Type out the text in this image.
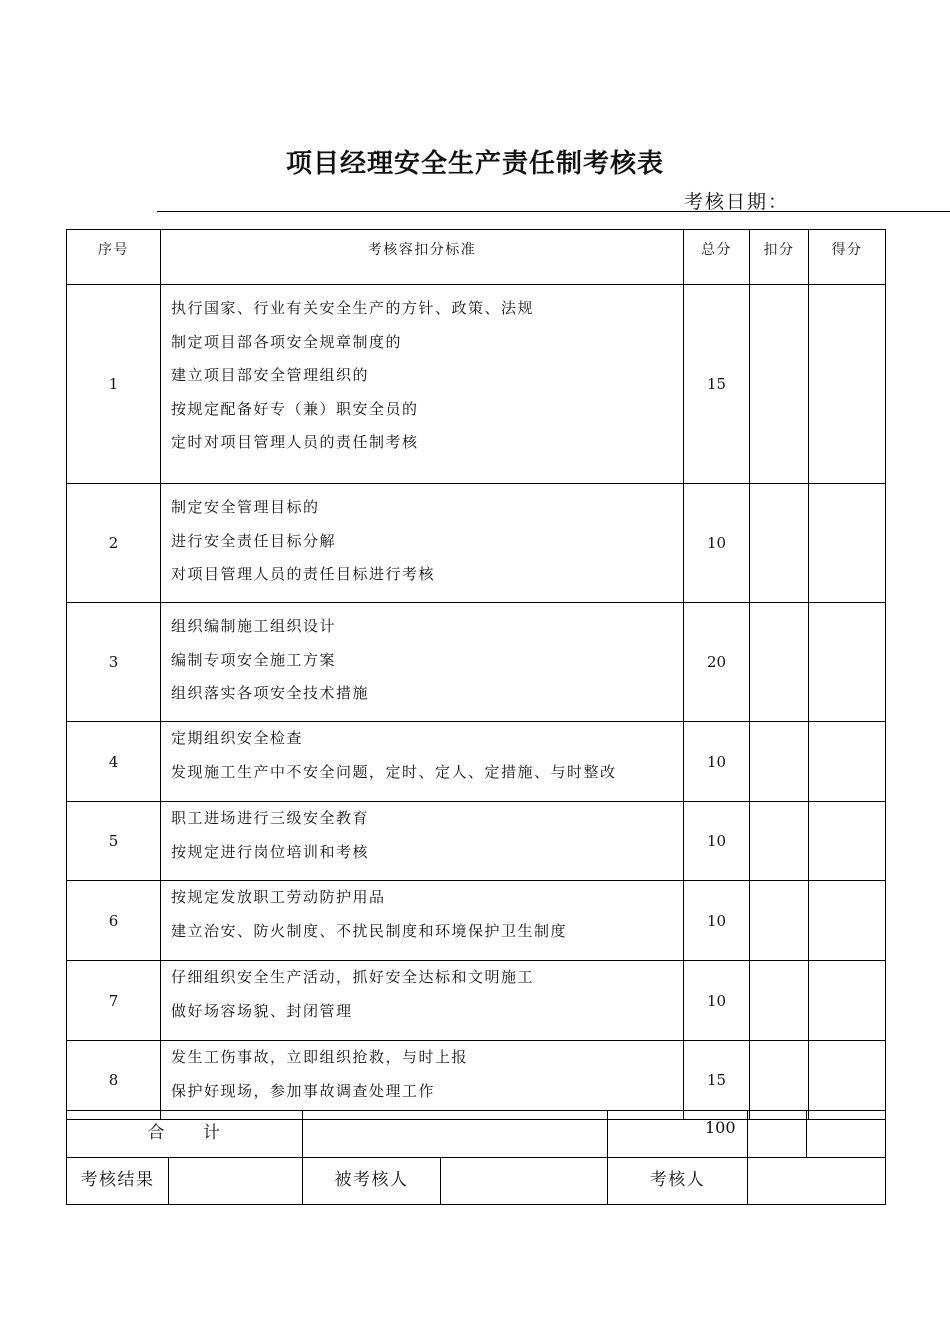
项目经理安全生产责任制考核表
考核日期：
序号	考核容扣分标准	总分	扣分	得分
1	执行国家、行业有关安全生产的方针、政策、法规
制定项目部各项安全规章制度的
建立项目部安全管理组织的
按规定配备好专（兼）职安全员的
定时对项目管理人员的责任制考核	15		
2	制定安全管理目标的
进行安全责任目标分解
对项目管理人员的责任目标进行考核	10		
3	组织编制施工组织设计
编制专项安全施工方案
组织落实各项安全技术措施	20		
4	定期组织安全检查
发现施工生产中不安全问题，定时、定人、定措施、与时整改	10		
5	职工进场进行三级安全教育
按规定进行岗位培训和考核	10		
6	按规定发放职工劳动防护用品
建立治安、防火制度、不扰民制度和环境保护卫生制度	10		
7	仔细组织安全生产活动，抓好安全达标和文明施工
做好场容场貌、封闭管理	10		
8	发生工伤事故，立即组织抢救，与时上报
保护好现场，参加事故调查处理工作	15		
合　　计				100		
考核结果		被考核人		考核人		
